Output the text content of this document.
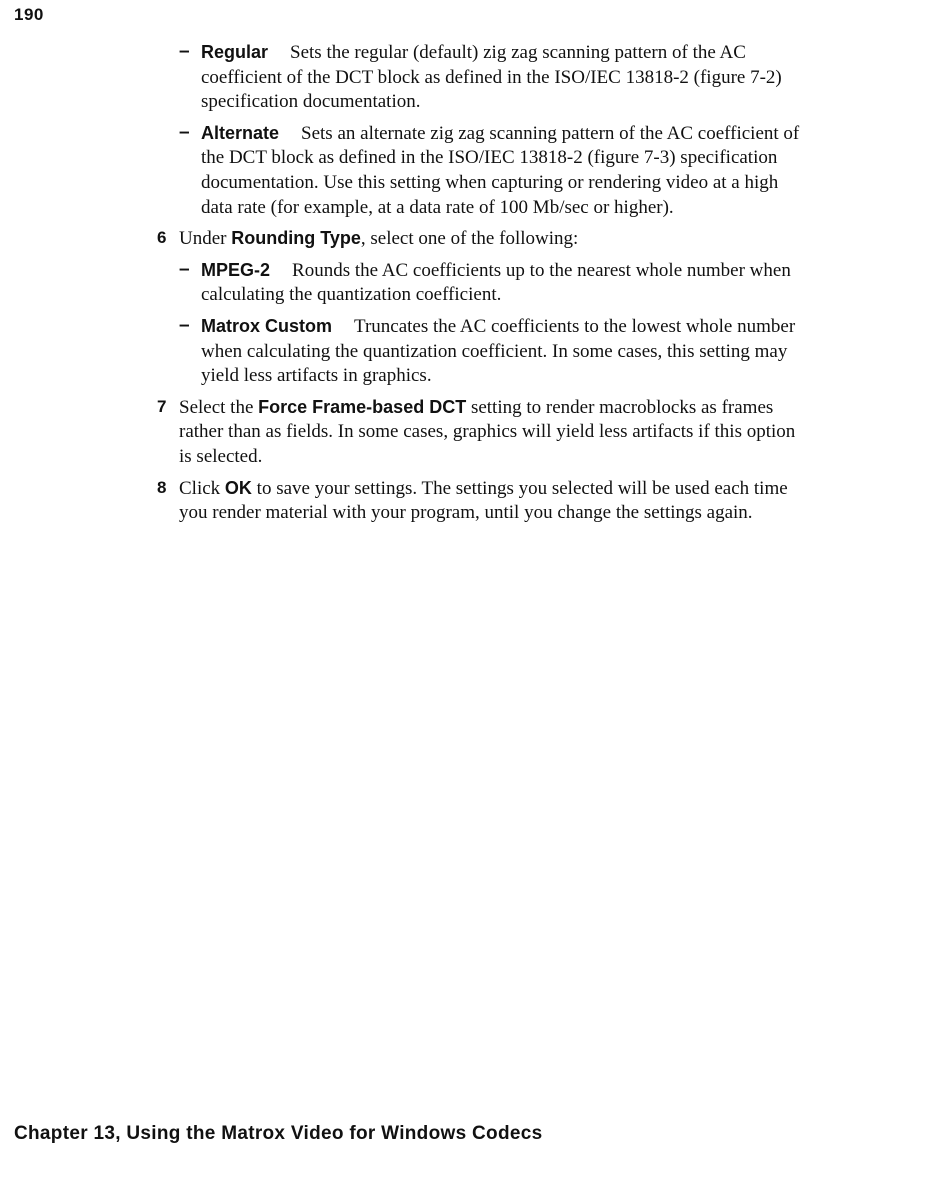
190
– Regular Sets the regular (default) zig zag scanning pattern of the AC coefficient of the DCT block as defined in the ISO/IEC 13818-2 (figure 7-2) specification documentation.
– Alternate Sets an alternate zig zag scanning pattern of the AC coefficient of the DCT block as defined in the ISO/IEC 13818-2 (figure 7-3) specification documentation. Use this setting when capturing or rendering video at a high data rate (for example, at a data rate of 100 Mb/sec or higher).
6 Under Rounding Type, select one of the following:
– MPEG-2 Rounds the AC coefficients up to the nearest whole number when calculating the quantization coefficient.
– Matrox Custom Truncates the AC coefficients to the lowest whole number when calculating the quantization coefficient. In some cases, this setting may yield less artifacts in graphics.
7 Select the Force Frame-based DCT setting to render macroblocks as frames rather than as fields. In some cases, graphics will yield less artifacts if this option is selected.
8 Click OK to save your settings. The settings you selected will be used each time you render material with your program, until you change the settings again.
Chapter 13, Using the Matrox Video for Windows Codecs
